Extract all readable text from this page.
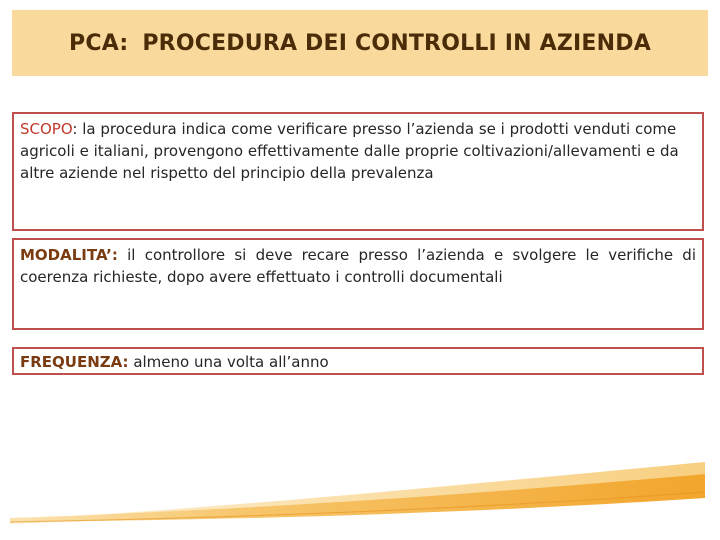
PCA: PROCEDURA DEI CONTROLLI IN AZIENDA
SCOPO: la procedura indica come verificare presso l’azienda se i prodotti venduti come agricoli e italiani, provengono effettivamente dalle proprie coltivazioni/allevamenti e da altre aziende nel rispetto del principio della prevalenza
MODALITA’: il controllore si deve recare presso l’azienda e svolgere le verifiche di coerenza richieste, dopo avere effettuato i controlli documentali
FREQUENZA: almeno una volta all’anno
